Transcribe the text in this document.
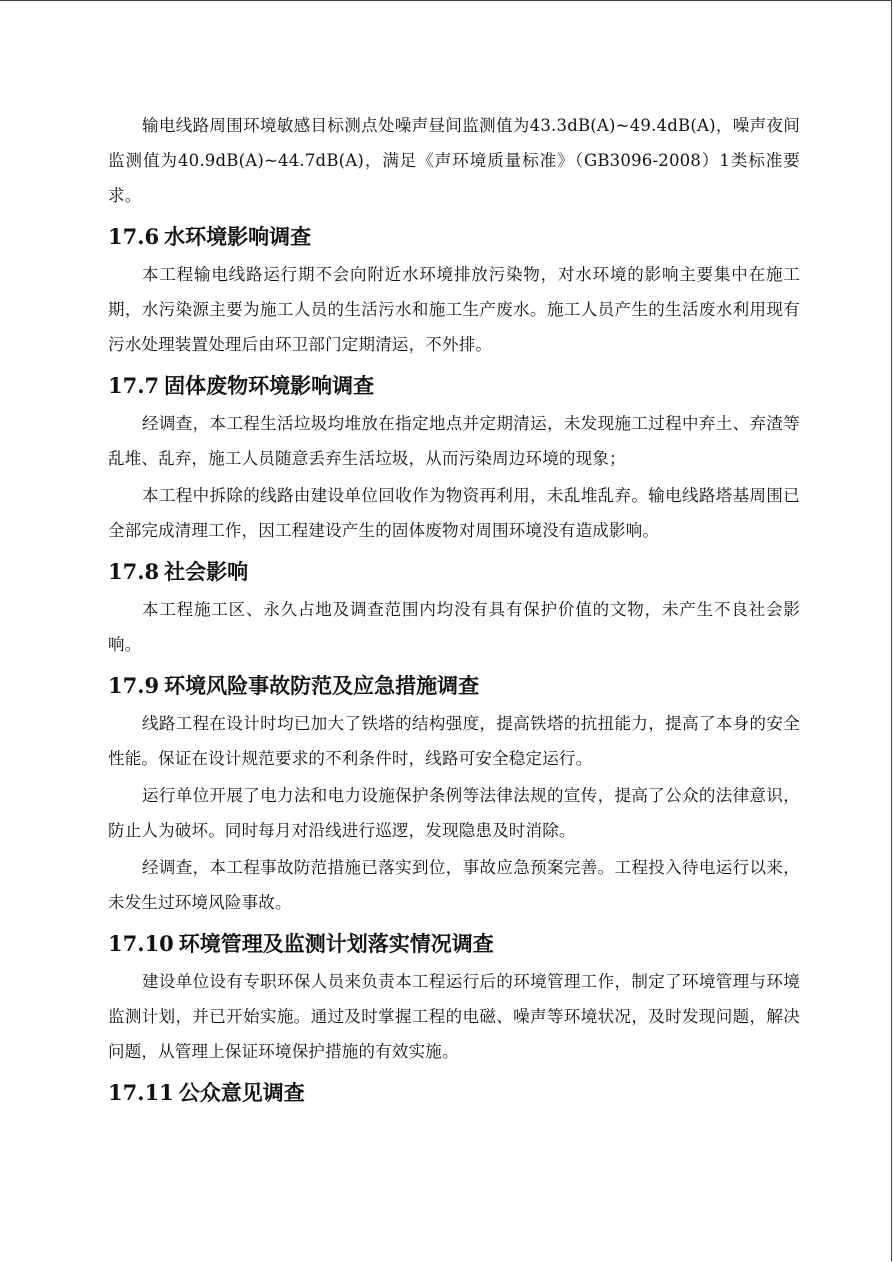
输电线路周围环境敏感目标测点处噪声昼间监测值为43.3dB(A)~49.4dB(A)，噪声夜间监测值为40.9dB(A)~44.7dB(A)，满足《声环境质量标准》（GB3096-2008）1类标准要求。

17.6 水环境影响调查

本工程输电线路运行期不会向附近水环境排放污染物，对水环境的影响主要集中在施工期，水污染源主要为施工人员的生活污水和施工生产废水。施工人员产生的生活废水利用现有污水处理装置处理后由环卫部门定期清运，不外排。

17.7 固体废物环境影响调查

经调查，本工程生活垃圾均堆放在指定地点并定期清运，未发现施工过程中弃土、弃渣等乱堆、乱弃，施工人员随意丢弃生活垃圾，从而污染周边环境的现象；

本工程中拆除的线路由建设单位回收作为物资再利用，未乱堆乱弃。输电线路塔基周围已全部完成清理工作，因工程建设产生的固体废物对周围环境没有造成影响。

17.8 社会影响

本工程施工区、永久占地及调查范围内均没有具有保护价值的文物，未产生不良社会影响。

17.9 环境风险事故防范及应急措施调查

线路工程在设计时均已加大了铁塔的结构强度，提高铁塔的抗扭能力，提高了本身的安全性能。保证在设计规范要求的不利条件时，线路可安全稳定运行。

运行单位开展了电力法和电力设施保护条例等法律法规的宣传，提高了公众的法律意识，防止人为破坏。同时每月对沿线进行巡逻，发现隐患及时消除。

经调查，本工程事故防范措施已落实到位，事故应急预案完善。工程投入待电运行以来，未发生过环境风险事故。

17.10 环境管理及监测计划落实情况调查

建设单位设有专职环保人员来负责本工程运行后的环境管理工作，制定了环境管理与环境监测计划，并已开始实施。通过及时掌握工程的电磁、噪声等环境状况，及时发现问题，解决问题，从管理上保证环境保护措施的有效实施。

17.11 公众意见调查
